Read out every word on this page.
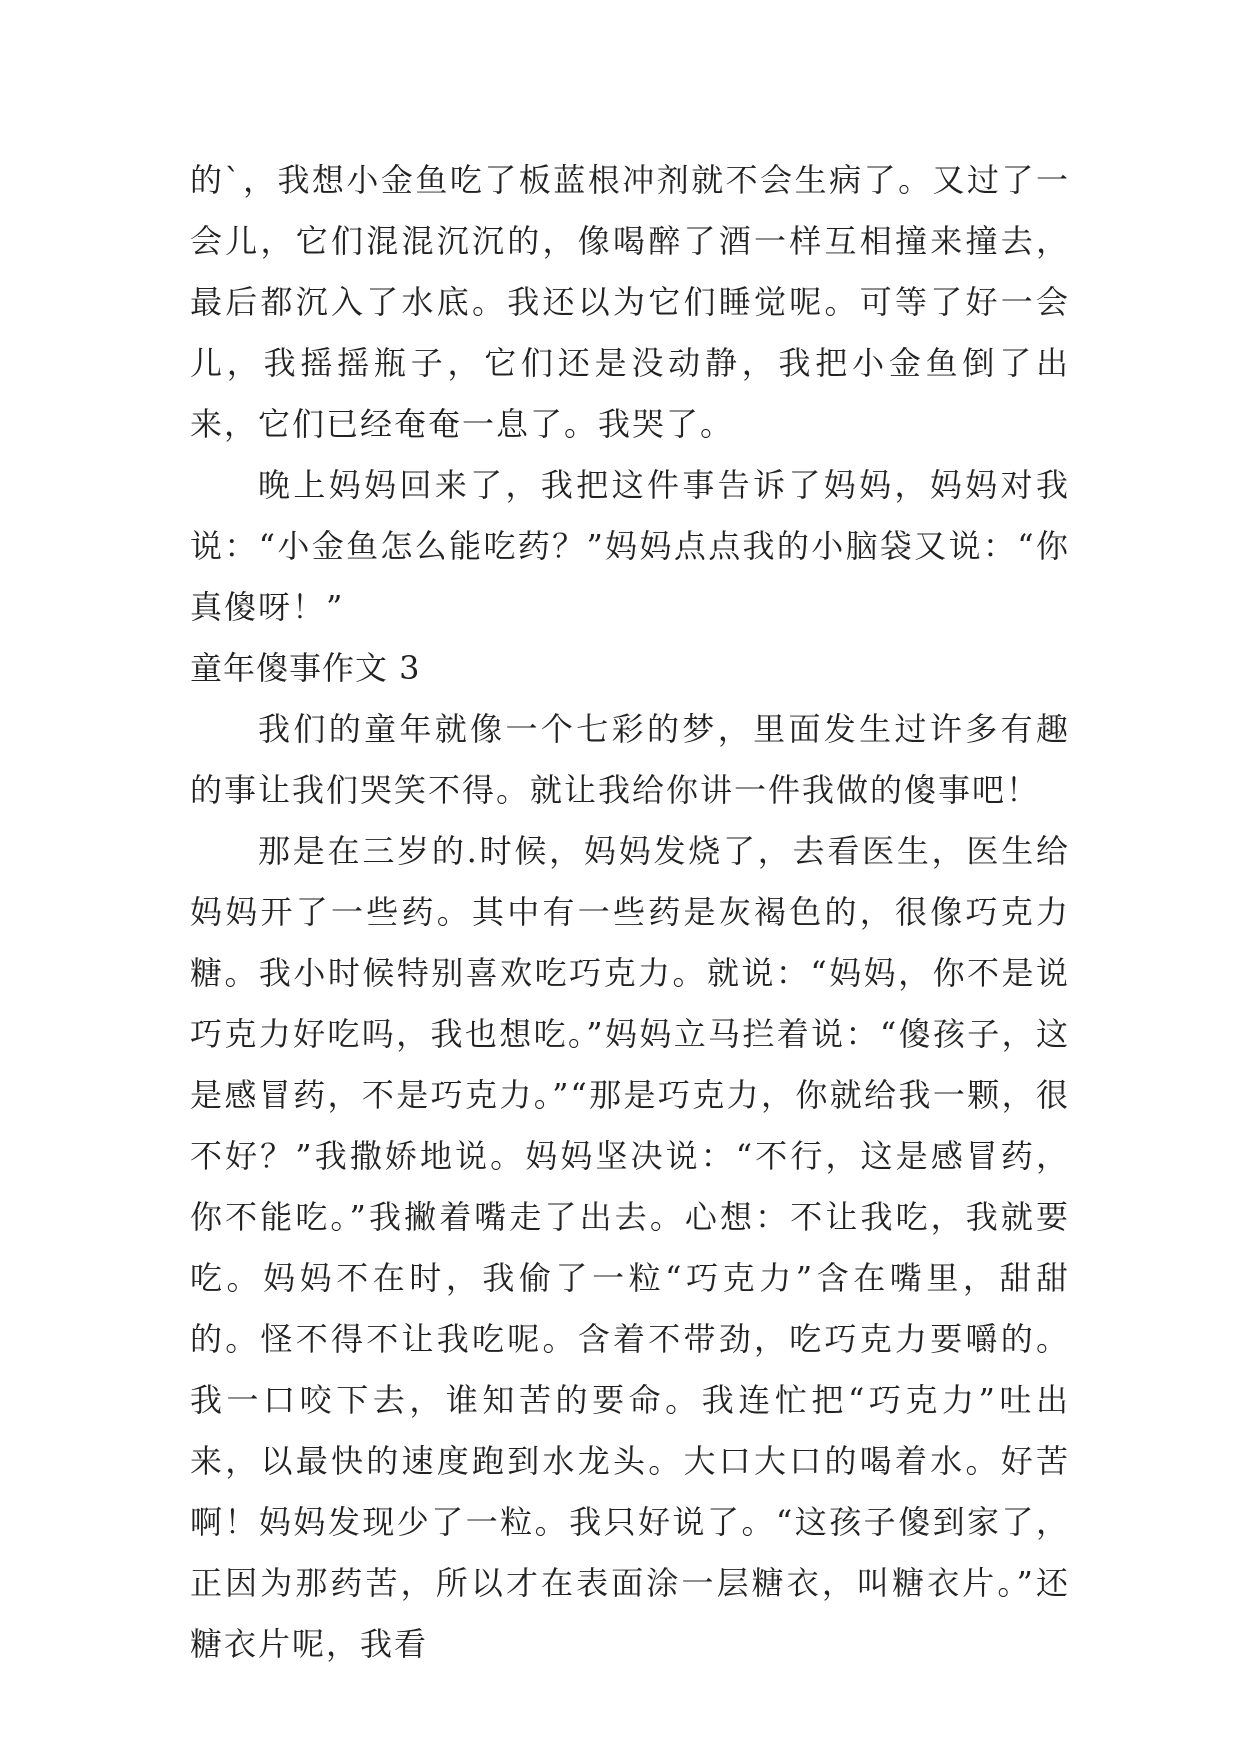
的`，我想小金鱼吃了板蓝根冲剂就不会生病了。又过了一会儿，它们混混沉沉的，像喝醉了酒一样互相撞来撞去，最后都沉入了水底。我还以为它们睡觉呢。可等了好一会儿，我摇摇瓶子，它们还是没动静，我把小金鱼倒了出来，它们已经奄奄一息了。我哭了。

晚上妈妈回来了，我把这件事告诉了妈妈，妈妈对我说：“小金鱼怎么能吃药？”妈妈点点我的小脑袋又说：“你真傻呀！”

童年傻事作文 3

我们的童年就像一个七彩的梦，里面发生过许多有趣的事让我们哭笑不得。就让我给你讲一件我做的傻事吧！

那是在三岁的.时候，妈妈发烧了，去看医生，医生给妈妈开了一些药。其中有一些药是灰褐色的，很像巧克力糖。我小时候特别喜欢吃巧克力。就说：“妈妈，你不是说巧克力好吃吗，我也想吃。”妈妈立马拦着说：“傻孩子，这是感冒药，不是巧克力。”“那是巧克力，你就给我一颗，很不好？”我撒娇地说。妈妈坚决说：“不行，这是感冒药，你不能吃。”我撇着嘴走了出去。心想：不让我吃，我就要吃。妈妈不在时，我偷了一粒“巧克力”含在嘴里，甜甜的。怪不得不让我吃呢。含着不带劲，吃巧克力要嚼的。我一口咬下去，谁知苦的要命。我连忙把“巧克力”吐出来，以最快的速度跑到水龙头。大口大口的喝着水。好苦啊！妈妈发现少了一粒。我只好说了。“这孩子傻到家了，正因为那药苦，所以才在表面涂一层糖衣，叫糖衣片。”还糖衣片呢，我看
